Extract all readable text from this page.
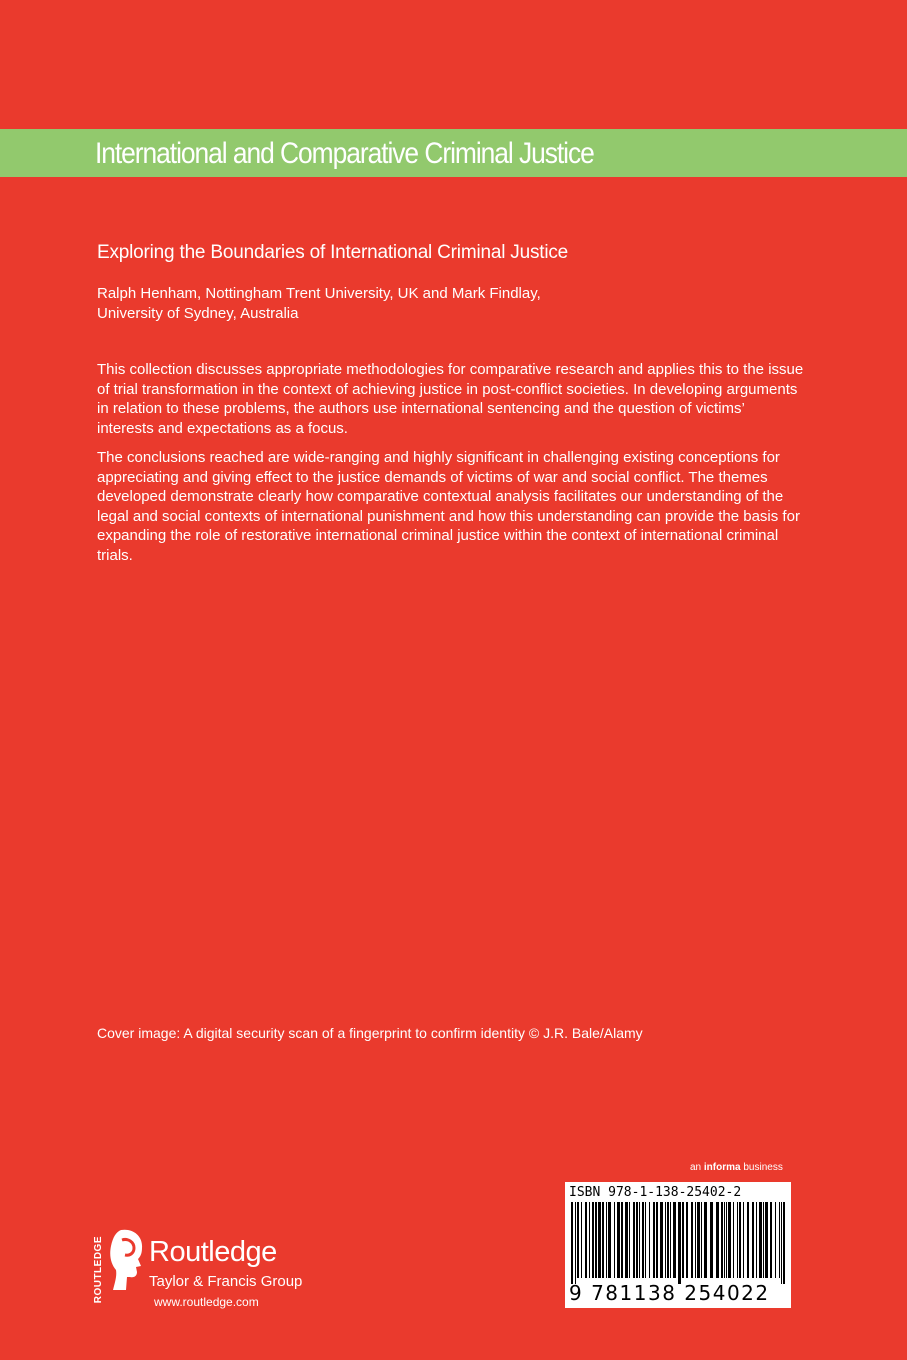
International and Comparative Criminal Justice
Exploring the Boundaries of International Criminal Justice
Ralph Henham, Nottingham Trent University, UK and Mark Findlay,
University of Sydney, Australia

This collection discusses appropriate methodologies for comparative research and applies this to the issue of trial transformation in the context of achieving justice in post-conflict societies. In developing arguments in relation to these problems, the authors use international sentencing and the question of victims’ interests and expectations as a focus.

The conclusions reached are wide-ranging and highly significant in challenging existing conceptions for appreciating and giving effect to the justice demands of victims of war and social conflict. The themes developed demonstrate clearly how comparative contextual analysis facilitates our understanding of the legal and social contexts of international punishment and how this understanding can provide the basis for expanding the role of restorative international criminal justice within the context of international criminal trials.

Cover image: A digital security scan of a fingerprint to confirm identity © J.R. Bale/Alamy
an informa business
ISBN 978-1-138-25402-2
9 781138 254022
ROUTLEDGE Routledge
Taylor & Francis Group
www.routledge.com
